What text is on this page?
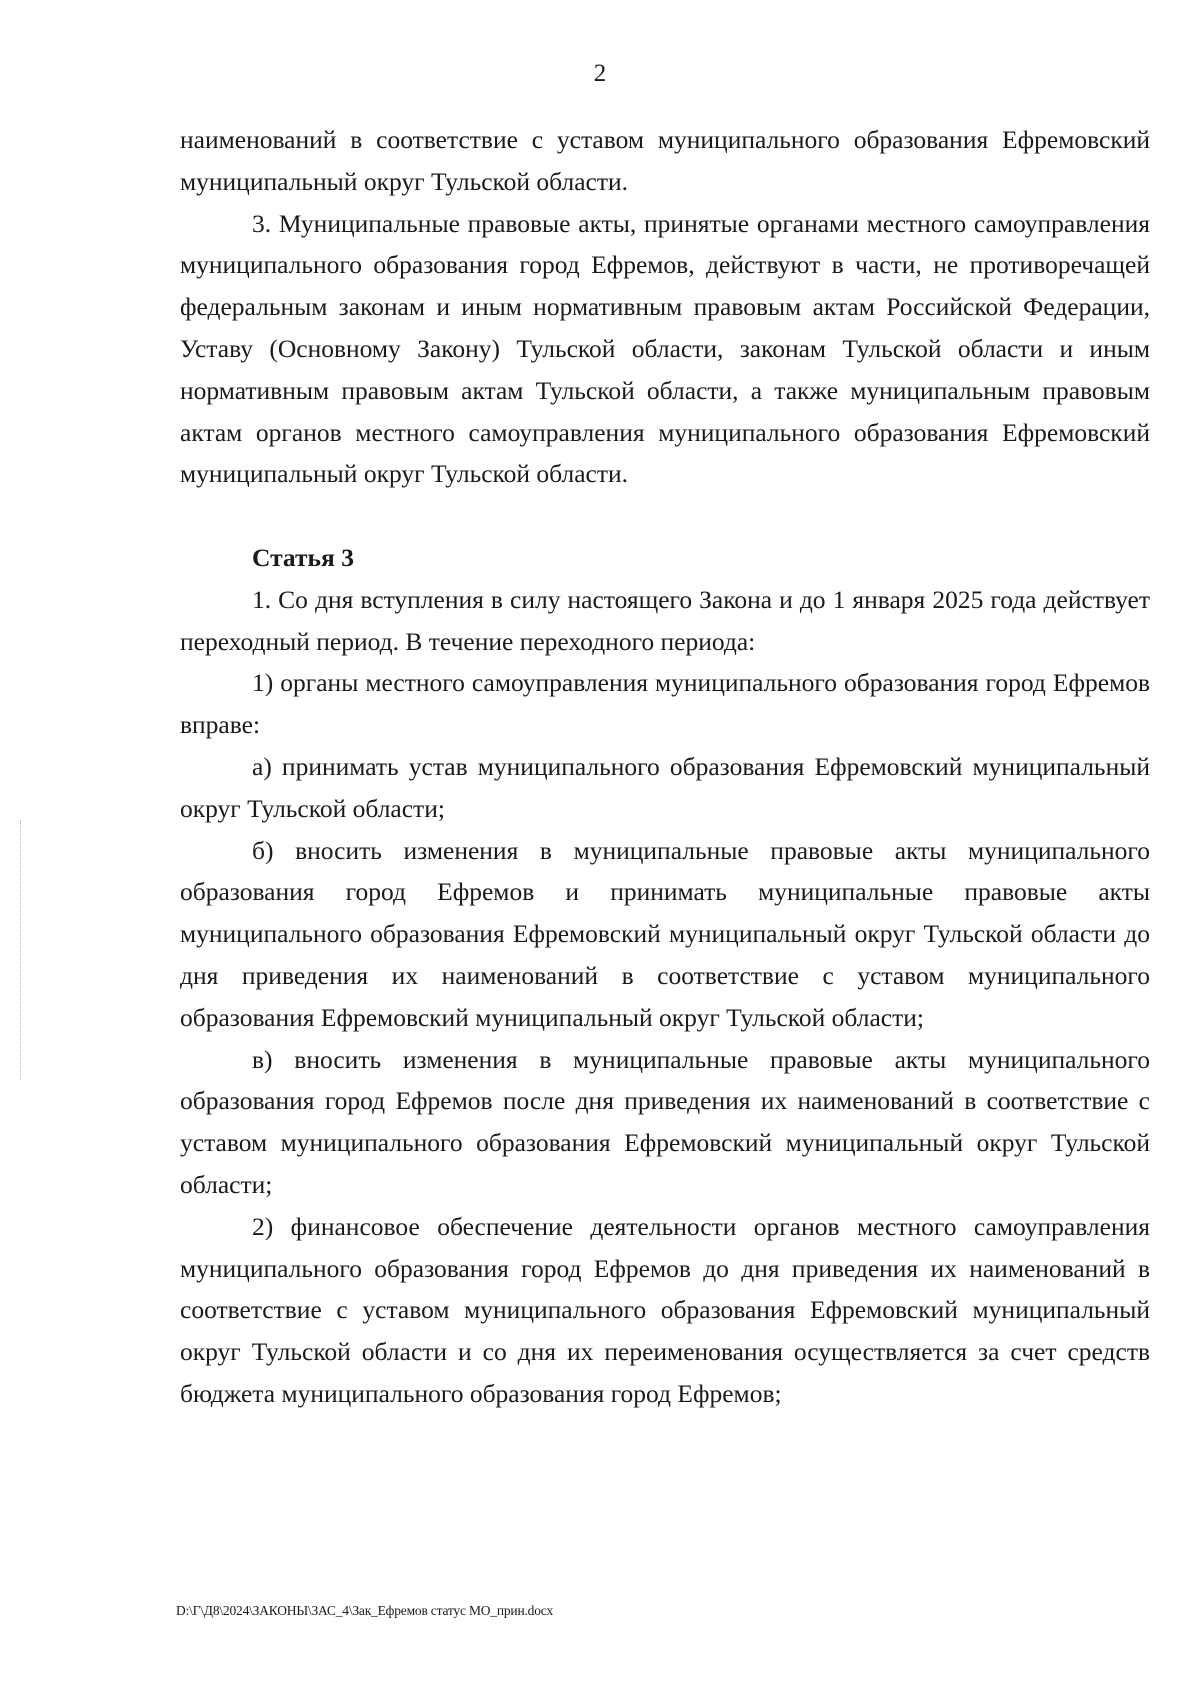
2

наименований в соответствие с уставом муниципального образования Ефремовский муниципальный округ Тульской области.

3. Муниципальные правовые акты, принятые органами местного самоуправления муниципального образования город Ефремов, действуют в части, не противоречащей федеральным законам и иным нормативным правовым актам Российской Федерации, Уставу (Основному Закону) Тульской области, законам Тульской области и иным нормативным правовым актам Тульской области, а также муниципальным правовым актам органов местного самоуправления муниципального образования Ефремовский муниципальный округ Тульской области.

Статья 3

1. Со дня вступления в силу настоящего Закона и до 1 января 2025 года действует переходный период. В течение переходного периода:

1) органы местного самоуправления муниципального образования город Ефремов вправе:

а) принимать устав муниципального образования Ефремовский муниципальный округ Тульской области;

б) вносить изменения в муниципальные правовые акты муниципального образования город Ефремов и принимать муниципальные правовые акты муниципального образования Ефремовский муниципальный округ Тульской области до дня приведения их наименований в соответствие с уставом муниципального образования Ефремовский муниципальный округ Тульской области;

в) вносить изменения в муниципальные правовые акты муниципального образования город Ефремов после дня приведения их наименований в соответствие с уставом муниципального образования Ефремовский муниципальный округ Тульской области;

2) финансовое обеспечение деятельности органов местного самоуправления муниципального образования город Ефремов до дня приведения их наименований в соответствие с уставом муниципального образования Ефремовский муниципальный округ Тульской области и со дня их переименования осуществляется за счет средств бюджета муниципального образования город Ефремов;

D:\Г\Д8\2024\ЗАКОНЫ\ЗАС_4\Зак_Ефремов статус МО_прин.docx
